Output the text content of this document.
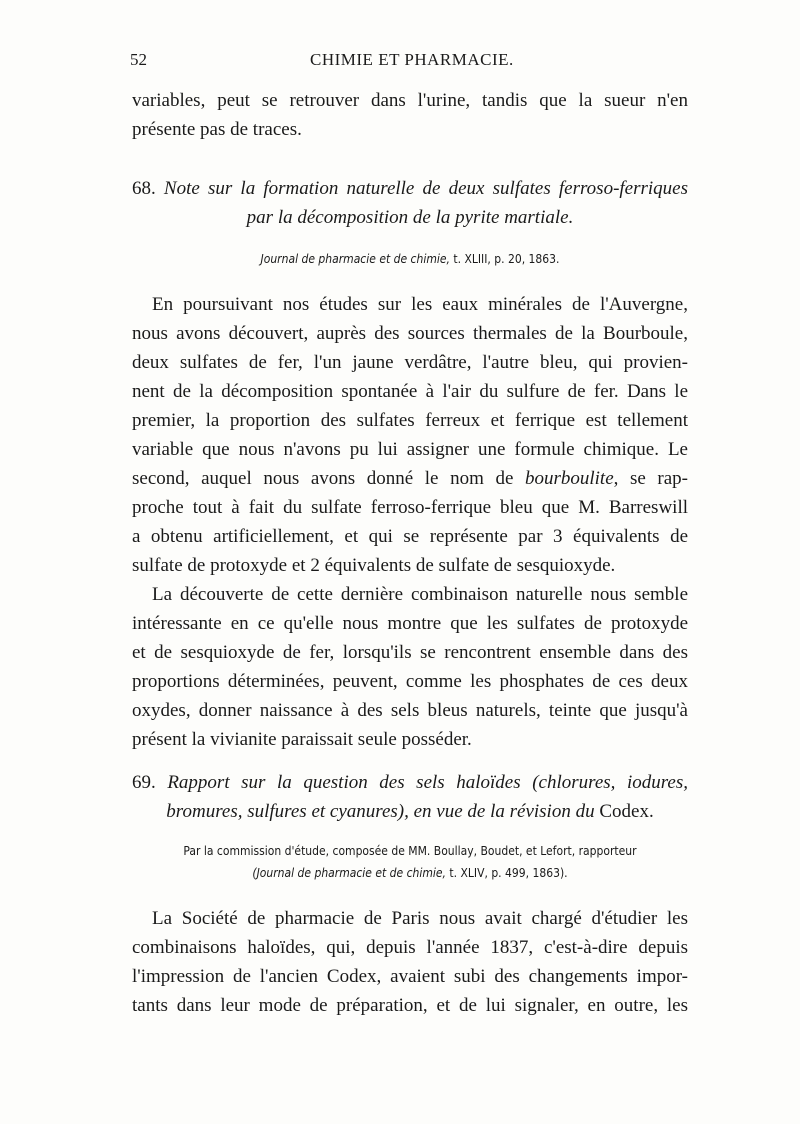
52	CHIMIE ET PHARMACIE.
variables, peut se retrouver dans l'urine, tandis que la sueur n'en
présente pas de traces.
68. Note sur la formation naturelle de deux sulfates ferroso-ferriques
par la décomposition de la pyrite martiale.
Journal de pharmacie et de chimie, t. XLIII, p. 20, 1863.
En poursuivant nos études sur les eaux minérales de l'Auvergne,
nous avons découvert, auprès des sources thermales de la Bourboule,
deux sulfates de fer, l'un jaune verdâtre, l'autre bleu, qui provien-
nent de la décomposition spontanée à l'air du sulfure de fer. Dans le
premier, la proportion des sulfates ferreux et ferrique est tellement
variable que nous n'avons pu lui assigner une formule chimique. Le
second, auquel nous avons donné le nom de bourboulite, se rap-
proche tout à fait du sulfate ferroso-ferrique bleu que M. Barreswill
a obtenu artificiellement, et qui se représente par 3 équivalents de
sulfate de protoxyde et 2 équivalents de sulfate de sesquioxyde.
La découverte de cette dernière combinaison naturelle nous semble
intéressante en ce qu'elle nous montre que les sulfates de protoxyde
et de sesquioxyde de fer, lorsqu'ils se rencontrent ensemble dans des
proportions déterminées, peuvent, comme les phosphates de ces deux
oxydes, donner naissance à des sels bleus naturels, teinte que jusqu'à
présent la vivianite paraissait seule posséder.
69. Rapport sur la question des sels haloïdes (chlorures, iodures,
bromures, sulfures et cyanures), en vue de la révision du Codex.
Par la commission d'étude, composée de MM. Boullay, Boudet, et Lefort, rapporteur
(Journal de pharmacie et de chimie, t. XLIV, p. 499, 1863).
La Société de pharmacie de Paris nous avait chargé d'étudier les
combinaisons haloïdes, qui, depuis l'année 1837, c'est-à-dire depuis
l'impression de l'ancien Codex, avaient subi des changements impor-
tants dans leur mode de préparation, et de lui signaler, en outre, les
